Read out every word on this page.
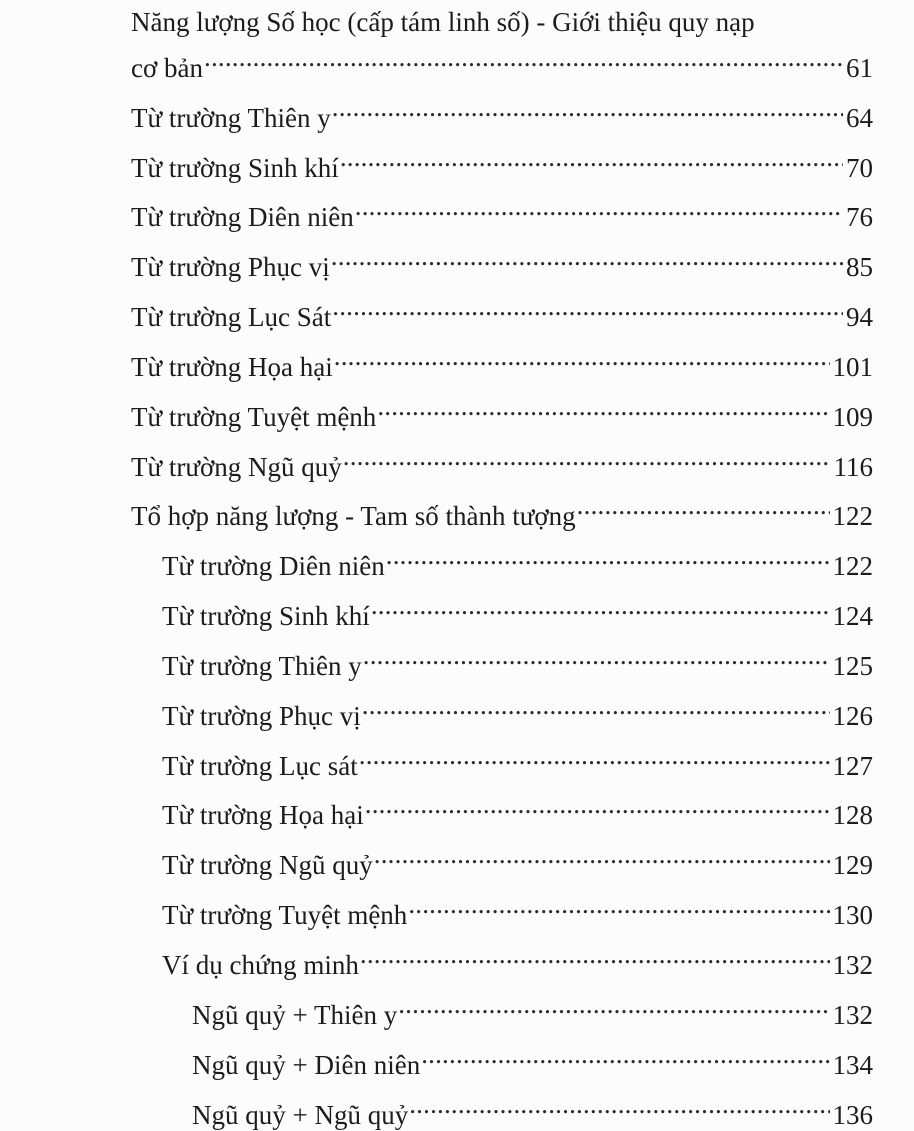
Năng lượng Số học (cấp tám linh số) - Giới thiệu quy nạp
cơ bản .....	61
Từ trường Thiên y .....	64
Từ trường Sinh khí .....	70
Từ trường Diên niên .....	76
Từ trường Phục vị .....	85
Từ trường Lục Sát .....	94
Từ trường Họa hại .....	101
Từ trường Tuyệt mệnh .....	109
Từ trường Ngũ quỷ .....	116
Tổ hợp năng lượng - Tam số thành tượng .....	122
Từ trường Diên niên .....	122
Từ trường Sinh khí .....	124
Từ trường Thiên y .....	125
Từ trường Phục vị .....	126
Từ trường Lục sát .....	127
Từ trường Họa hại .....	128
Từ trường Ngũ quỷ .....	129
Từ trường Tuyệt mệnh .....	130
Ví dụ chứng minh .....	132
Ngũ quỷ + Thiên y .....	132
Ngũ quỷ + Diên niên .....	134
Ngũ quỷ + Ngũ quỷ .....	136
